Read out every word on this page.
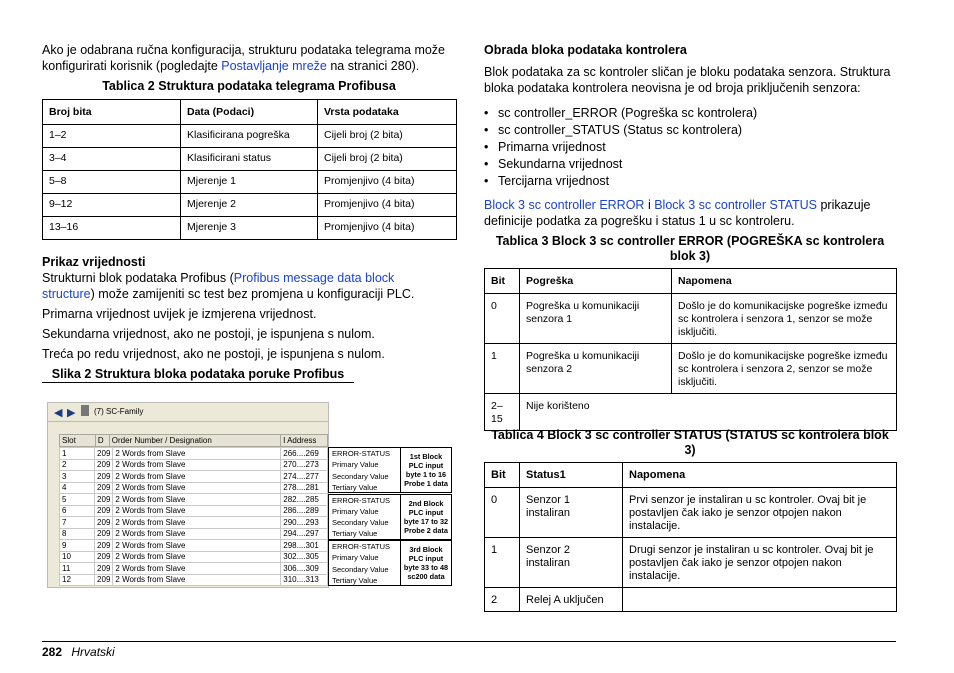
Ako je odabrana ručna konfiguracija, strukturu podataka telegrama može

konfigurirati korisnik (pogledajte Postavljanje mreže na stranici 280).

Tablica 2 Struktura podataka telegrama Profibusa
Broj bita	Data (Podaci)	Vrsta podataka
1–2	Klasificirana pogreška	Cijeli broj (2 bita)
3–4	Klasificirani status	Cijeli broj (2 bita)
5–8	Mjerenje 1	Promjenjivo (4 bita)
9–12	Mjerenje 2	Promjenjivo (4 bita)
13–16	Mjerenje 3	Promjenjivo (4 bita)

Prikaz vrijednosti

Strukturni blok podataka Profibus (Profibus message data block

structure) može zamijeniti sc test bez promjena u konfiguraciji PLC.

Primarna vrijednost uvijek je izmjerena vrijednost.

Sekundarna vrijednost, ako ne postoji, je ispunjena s nulom.

Treća po redu vrijednost, ako ne postoji, je ispunjena s nulom.

Slika 2 Struktura bloka podataka poruke Profibus
◀ ▶ (7) SC-Family
Slot	D	Order Number / Designation	I Address
1	209	2 Words from Slave	266....269
2	209	2 Words from Slave	270....273
3	209	2 Words from Slave	274....277
4	209	2 Words from Slave	278....281
5	209	2 Words from Slave	282....285
6	209	2 Words from Slave	286....289
7	209	2 Words from Slave	290....293
8	209	2 Words from Slave	294....297
9	209	2 Words from Slave	298....301
10	209	2 Words from Slave	302....305
11	209	2 Words from Slave	306....309
12	209	2 Words from Slave	310....313
ERROR-STATUS
Primary Value
Secondary Value
Tertiary Value
1st Block
PLC input
byte 1 to 16
Probe 1 data
ERROR-STATUS
Primary Value
Secondary Value
Tertiary Value
2nd Block
PLC input
byte 17 to 32
Probe 2 data
ERROR-STATUS
Primary Value
Secondary Value
Tertiary Value
3rd Block
PLC input
byte 33 to 48
sc200 data

Obrada bloka podataka kontrolera

Blok podataka za sc kontroler sličan je bloku podataka senzora. Struktura

bloka podataka kontrolera neovisna je od broja priključenih senzora:

• sc controller_ERROR (Pogreška sc kontrolera)
• sc controller_STATUS (Status sc kontrolera)
• Primarna vrijednost
• Sekundarna vrijednost
• Tercijarna vrijednost

Block 3 sc controller ERROR i Block 3 sc controller STATUS prikazuje

definicije podatka za pogrešku i status 1 u sc kontroleru.

Tablica 3 Block 3 sc controller ERROR (POGREŠKA sc kontrolera
blok 3)
Bit	Pogreška	Napomena
0	Pogreška u komunikaciji senzora 1	Došlo je do komunikacijske pogreške između sc kontrolera i senzora 1, senzor se može isključiti.
1	Pogreška u komunikaciji senzora 2	Došlo je do komunikacijske pogreške između sc kontrolera i senzora 2, senzor se može isključiti.
2–15	Nije korišteno	
Tablica 4 Block 3 sc controller STATUS (STATUS sc kontrolera blok
3)
Bit	Status1	Napomena
0	Senzor 1 instaliran	Prvi senzor je instaliran u sc kontroler. Ovaj bit je postavljen čak iako je senzor otpojen nakon instalacije.
1	Senzor 2 instaliran	Drugi senzor je instaliran u sc kontroler. Ovaj bit je postavljen čak iako je senzor otpojen nakon instalacije.
2	Relej A uključen	
282 Hrvatski
